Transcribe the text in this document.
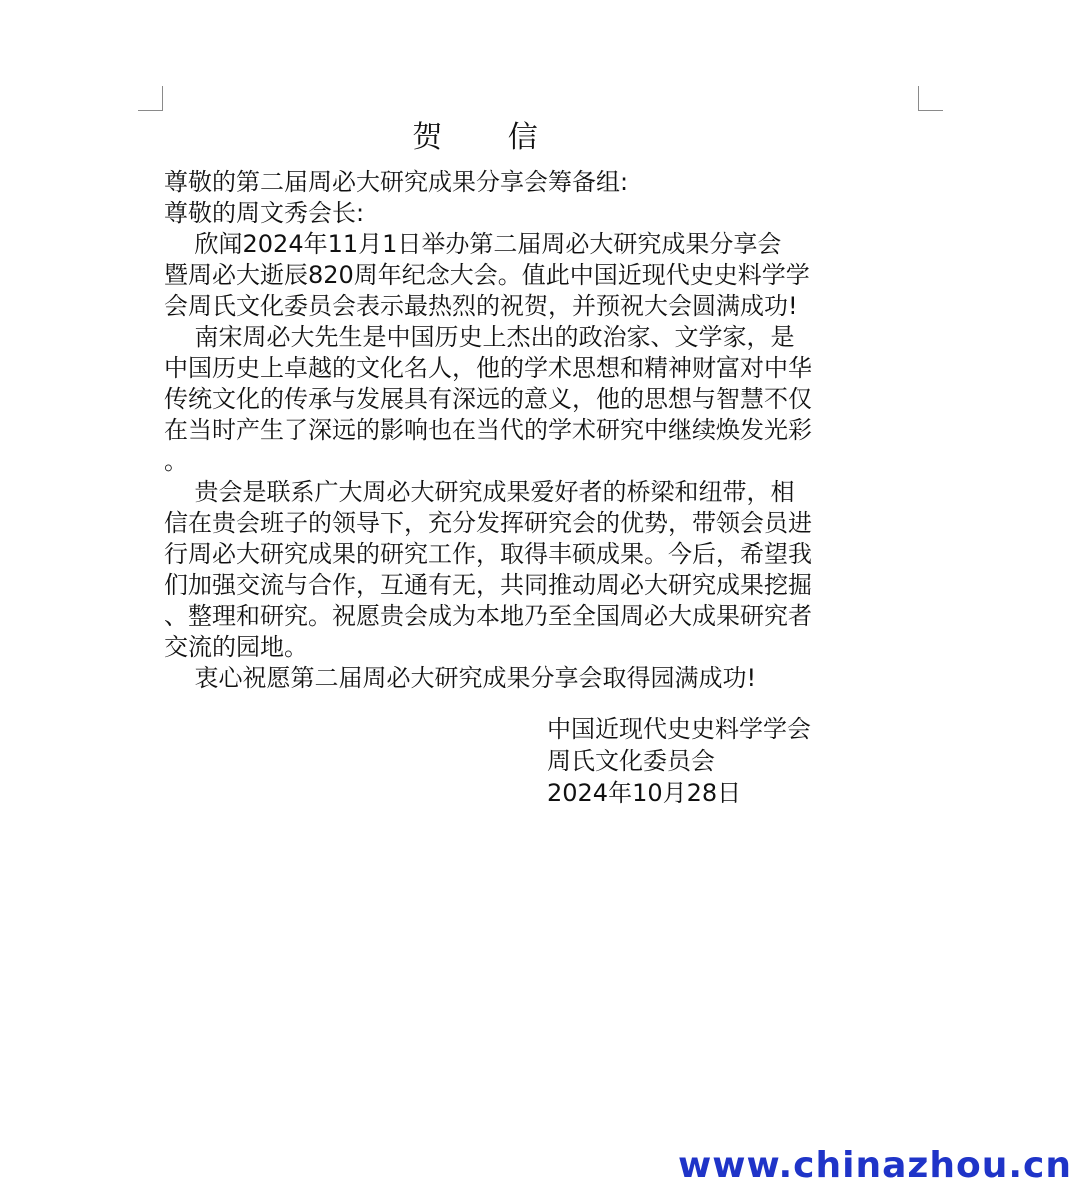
贺 信
尊敬的第二届周必大研究成果分享会筹备组:
尊敬的周文秀会长:
欣闻2024年11月1日举办第二届周必大研究成果分享会
暨周必大逝辰820周年纪念大会。值此中国近现代史史料学学
会周氏文化委员会表示最热烈的祝贺，并预祝大会圆满成功!
南宋周必大先生是中国历史上杰出的政治家、文学家，是
中国历史上卓越的文化名人，他的学术思想和精神财富对中华
传统文化的传承与发展具有深远的意义，他的思想与智慧不仅
在当时产生了深远的影响也在当代的学术研究中继续焕发光彩
。
贵会是联系广大周必大研究成果爱好者的桥梁和纽带，相
信在贵会班子的领导下，充分发挥研究会的优势，带领会员进
行周必大研究成果的研究工作，取得丰硕成果。今后，希望我
们加强交流与合作，互通有无，共同推动周必大研究成果挖掘
、整理和研究。祝愿贵会成为本地乃至全国周必大成果研究者
交流的园地。
衷心祝愿第二届周必大研究成果分享会取得园满成功!
中国近现代史史料学学会
周氏文化委员会
2024年10月28日
www.chinazhou.cn
